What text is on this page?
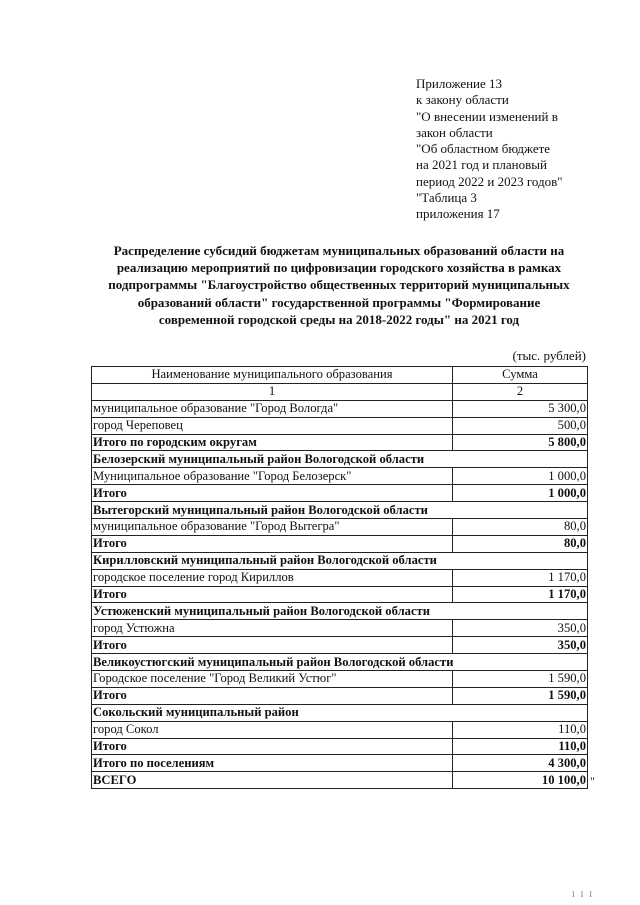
Приложение 13
к закону области
"О внесении изменений в
закон области
"Об областном бюджете
на 2021 год и плановый
период 2022 и 2023 годов"
"Таблица 3
приложения 17
Распределение субсидий бюджетам муниципальных образований области на
реализацию мероприятий по цифровизации городского хозяйства в рамках
подпрограммы "Благоустройство общественных территорий муниципальных
образований области" государственной программы "Формирование
современной городской среды на 2018-2022 годы" на 2021 год
(тыс. рублей)
Наименование муниципального образования	Сумма
1	2
муниципальное образование "Город Вологда"	5 300,0
город Череповец	500,0
Итого по городским округам	5 800,0
Белозерский муниципальный район Вологодской области	
Муниципальное образование "Город Белозерск"	1 000,0
Итого	1 000,0
Вытегорский муниципальный район Вологодской области	
муниципальное образование "Город Вытегра"	80,0
Итого	80,0
Кирилловский муниципальный район Вологодской области	
городское поселение город Кириллов	1 170,0
Итого	1 170,0
Устюженский муниципальный район Вологодской области	
город Устюжна	350,0
Итого	350,0
Великоустюгский муниципальный район Вологодской области	
Городское поселение "Город Великий Устюг"	1 590,0
Итого	1 590,0
Сокольский муниципальный район	
город Сокол	110,0
Итого	110,0
Итого по поселениям	4 300,0
ВСЕГО	10 100,0 "
I I I
